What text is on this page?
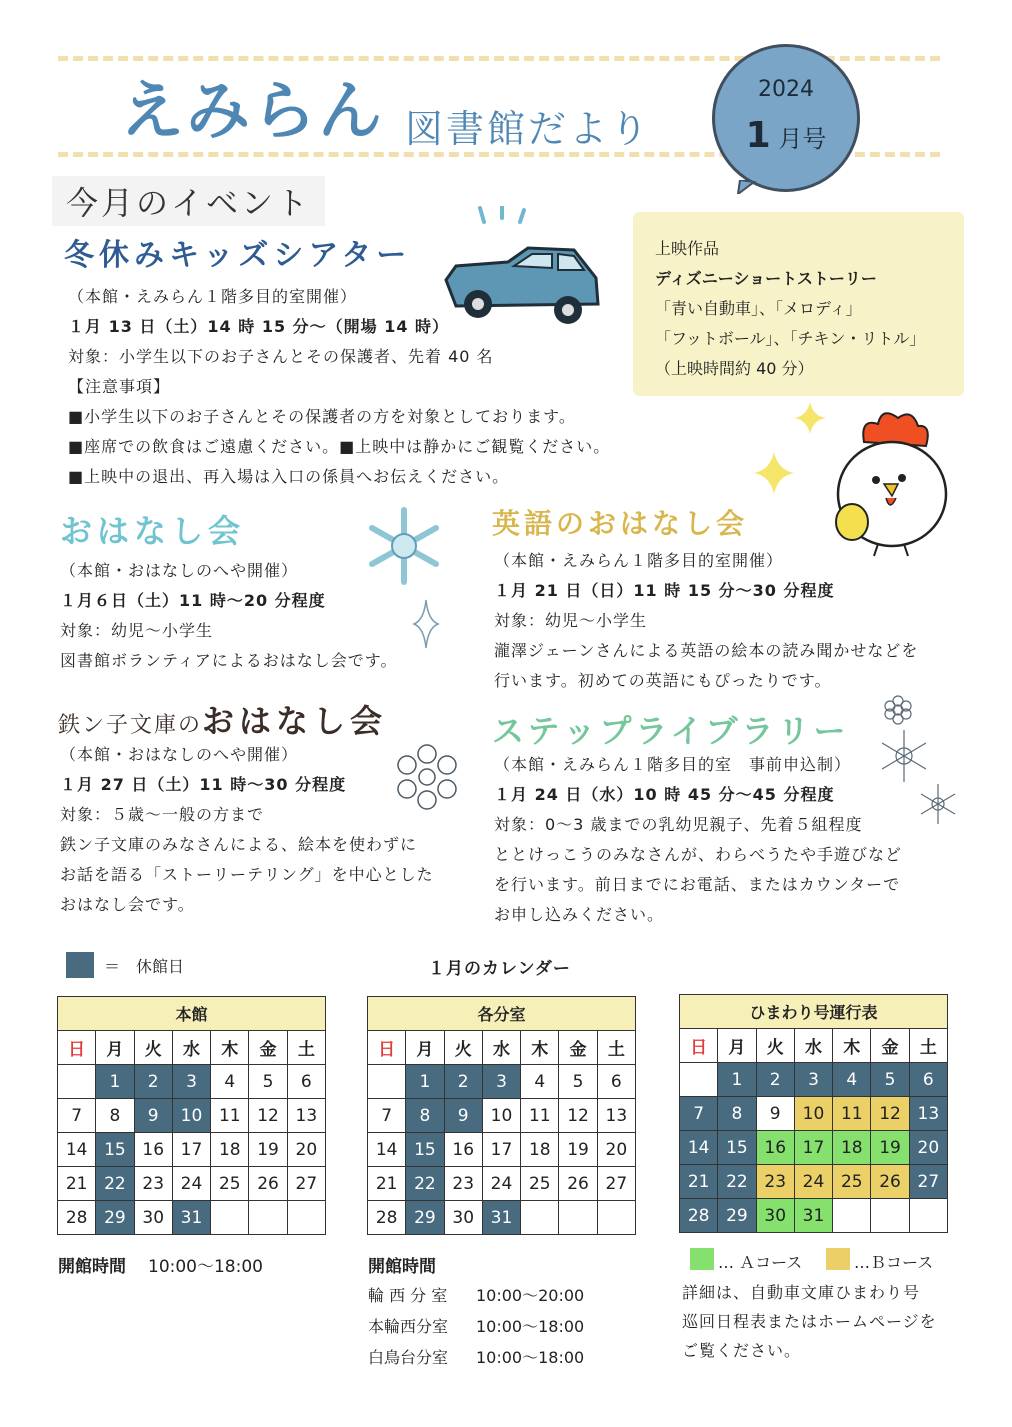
えみらん 図書館だより
2024
1 月号
今月のイベント
冬休みキッズシアター
（本館・えみらん１階多目的室開催）
１月 13 日（土）14 時 15 分～（開場 14 時）
対象：小学生以下のお子さんとその保護者、先着 40 名
【注意事項】
■小学生以下のお子さんとその保護者の方を対象としております。
■座席での飲食はご遠慮ください。■上映中は静かにご観覧ください。
■上映中の退出、再入場は入口の係員へお伝えください。
上映作品
ディズニーショートストーリー
「青い自動車」、「メロディ」
「フットボール」、「チキン・リトル」
（上映時間約 40 分）
おはなし会
（本館・おはなしのへや開催）
１月６日（土）11 時～20 分程度
対象：幼児～小学生
図書館ボランティアによるおはなし会です。
英語のおはなし会
（本館・えみらん１階多目的室開催）
１月 21 日（日）11 時 15 分～30 分程度
対象：幼児～小学生
瀧澤ジェーンさんによる英語の絵本の読み聞かせなどを
行います。初めての英語にもぴったりです。
鉄ン子文庫のおはなし会
（本館・おはなしのへや開催）
１月 27 日（土）11 時～30 分程度
対象：５歳～一般の方まで
鉄ン子文庫のみなさんによる、絵本を使わずに
お話を語る「ストーリーテリング」を中心とした
おはなし会です。
ステップライブラリー
（本館・えみらん１階多目的室　事前申込制）
１月 24 日（水）10 時 45 分～45 分程度
対象：0～3 歳までの乳幼児親子、先着５組程度
ととけっこうのみなさんが、わらべうたや手遊びなど
を行います。前日までにお電話、またはカウンターで
お申し込みください。
＝　休館日	１月のカレンダー
本館						
日	月	火	水	木	金	土
	1	2	3	4	5	6
7	8	9	10	11	12	13
14	15	16	17	18	19	20
21	22	23	24	25	26	27
28	29	30	31			
各分室						
日	月	火	水	木	金	土
	1	2	3	4	5	6
7	8	9	10	11	12	13
14	15	16	17	18	19	20
21	22	23	24	25	26	27
28	29	30	31			
ひまわり号運行表						
日	月	火	水	木	金	土
	1	2	3	4	5	6
7	8	9	10	11	12	13
14	15	16	17	18	19	20
21	22	23	24	25	26	27
28	29	30	31			
開館時間 10:00～18:00	開館時間
輪 西 分 室 10:00～20:00
本輪西分室 10:00～18:00
白鳥台分室 10:00～18:00
… Ａコース	…Ｂコース
詳細は、自動車文庫ひまわり号
巡回日程表またはホームページを
ご覧ください。
